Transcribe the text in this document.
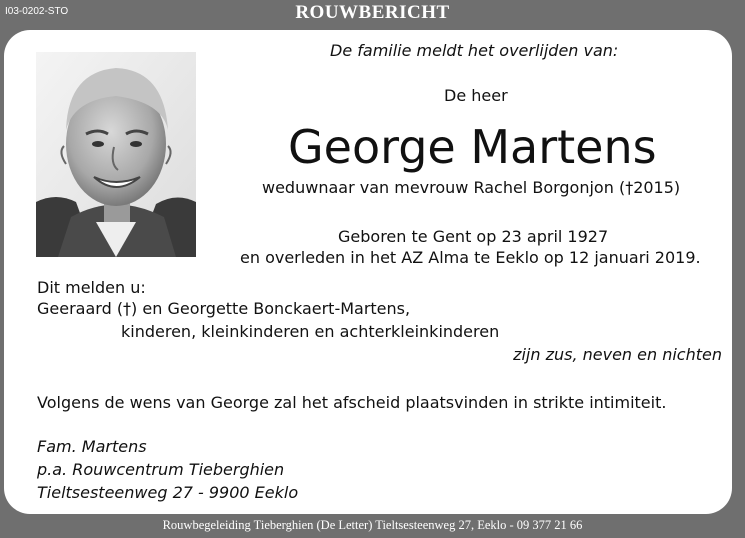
I03-0202-STO	ROUWBERICHT
De familie meldt het overlijden van:
De heer
George Martens
weduwnaar van mevrouw Rachel Borgonjon (†2015)
Geboren te Gent op 23 april 1927
en overleden in het AZ Alma te Eeklo op 12 januari 2019.
Dit melden u:
Geeraard (†) en Georgette Bonckaert-Martens,
kinderen, kleinkinderen en achterkleinkinderen
zijn zus, neven en nichten
Volgens de wens van George zal het afscheid plaatsvinden in strikte intimiteit.
Fam. Martens
p.a. Rouwcentrum Tieberghien
Tieltsesteenweg 27 - 9900 Eeklo
Rouwbegeleiding Tieberghien (De Letter) Tieltsesteenweg 27, Eeklo - 09 377 21 66
